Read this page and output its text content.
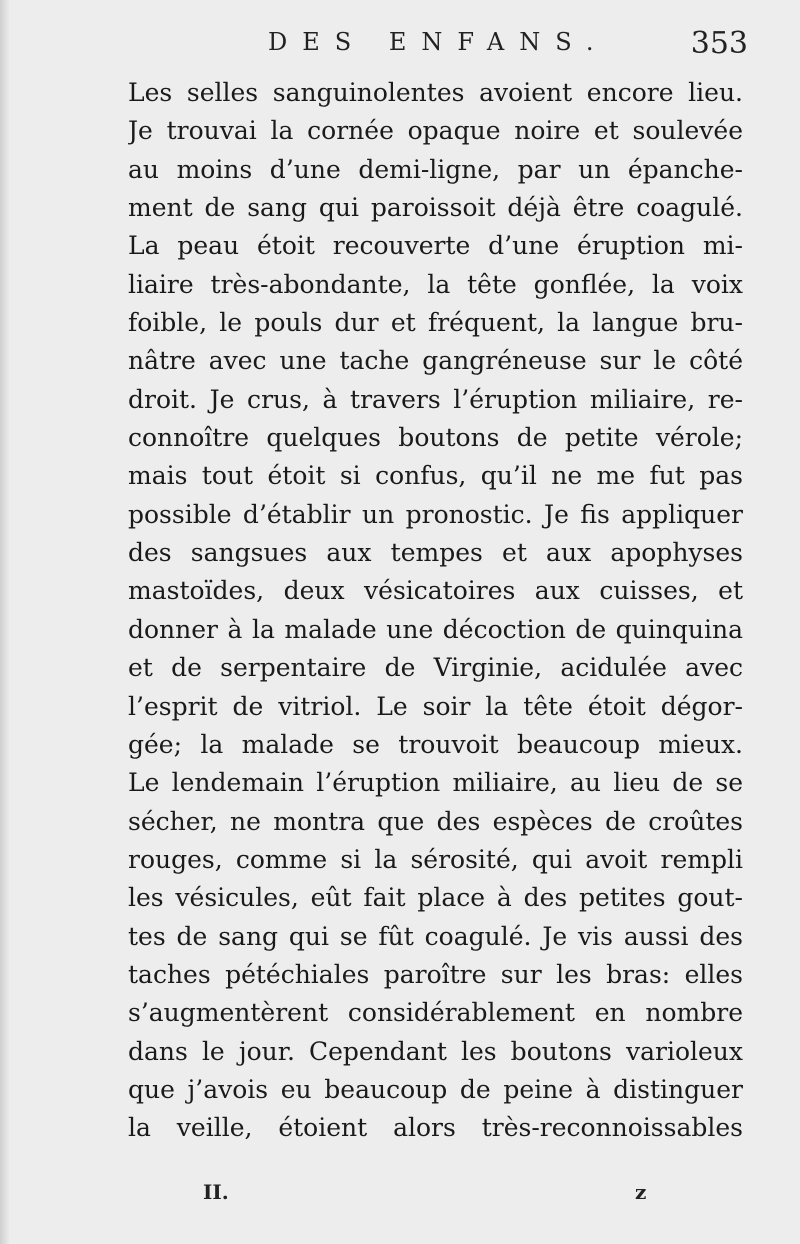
DES ENFANS.	353
Les selles sanguinolentes avoient encore lieu.
Je trouvai la cornée opaque noire et soulevée
au moins d’une demi-ligne, par un épanche-
ment de sang qui paroissoit déjà être coagulé.
La peau étoit recouverte d’une éruption mi-
liaire très-abondante, la tête gonflée, la voix
foible, le pouls dur et fréquent, la langue bru-
nâtre avec une tache gangréneuse sur le côté
droit. Je crus, à travers l’éruption miliaire, re-
connoître quelques boutons de petite vérole;
mais tout étoit si confus, qu’il ne me fut pas
possible d’établir un pronostic. Je fis appliquer
des sangsues aux tempes et aux apophyses
mastoïdes, deux vésicatoires aux cuisses, et
donner à la malade une décoction de quinquina
et de serpentaire de Virginie, acidulée avec
l’esprit de vitriol. Le soir la tête étoit dégor-
gée; la malade se trouvoit beaucoup mieux.
Le lendemain l’éruption miliaire, au lieu de se
sécher, ne montra que des espèces de croûtes
rouges, comme si la sérosité, qui avoit rempli
les vésicules, eût fait place à des petites gout-
tes de sang qui se fût coagulé. Je vis aussi des
taches pétéchiales paroître sur les bras: elles
s’augmentèrent considérablement en nombre
dans le jour. Cependant les boutons varioleux
que j’avois eu beaucoup de peine à distinguer
la veille, étoient alors très-reconnoissables
II.	z
